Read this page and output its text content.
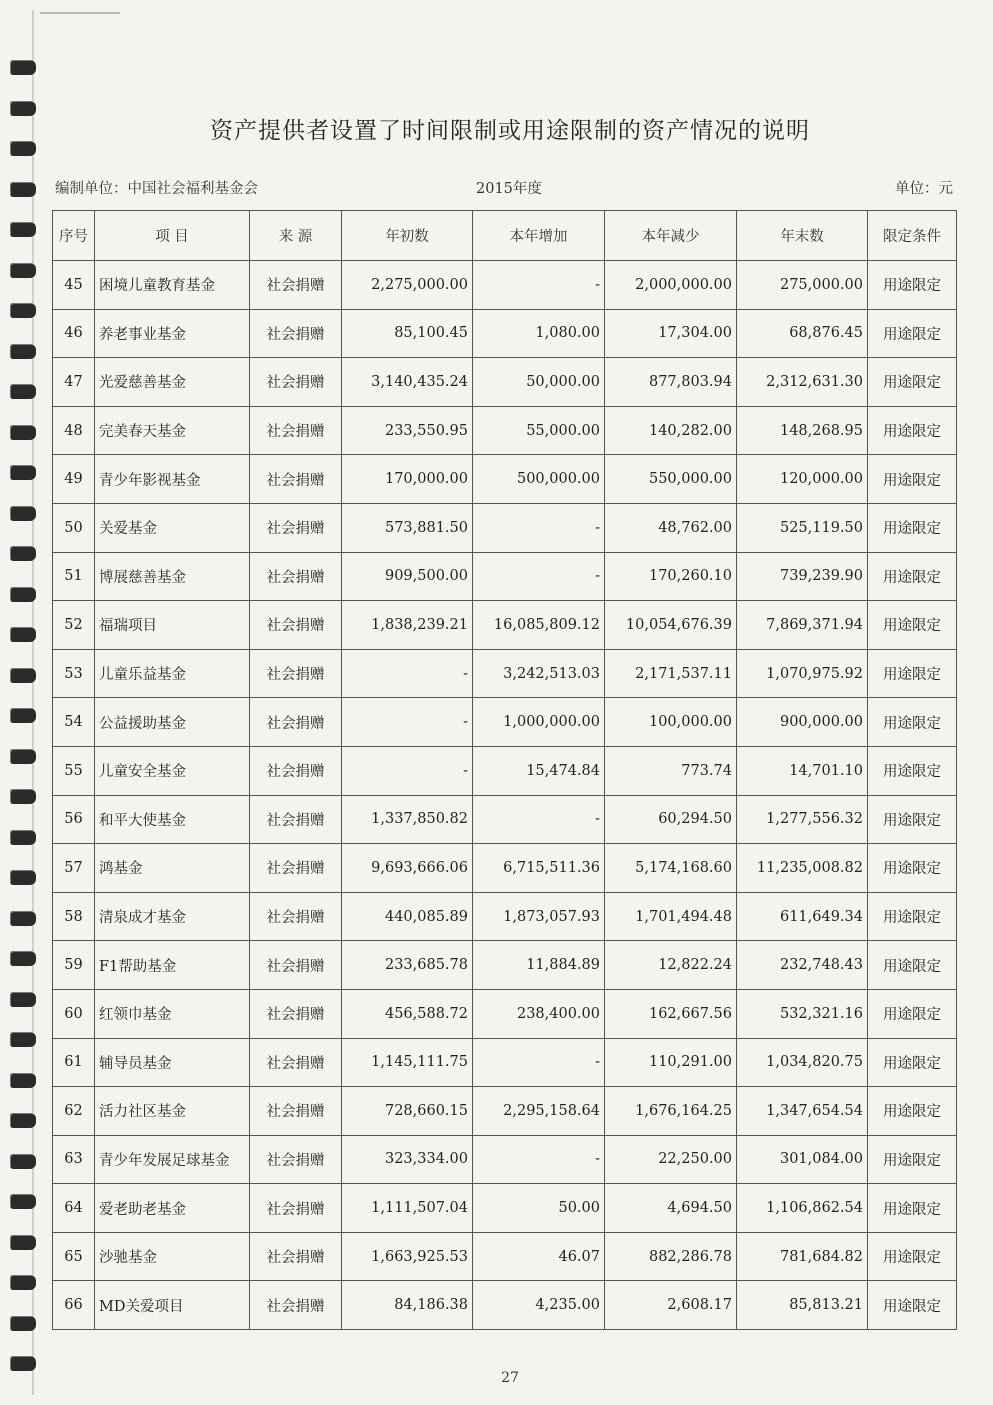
资产提供者设置了时间限制或用途限制的资产情况的说明
编制单位：中国社会福利基金会	2015年度	单位：元
序号	项 目	来 源	年初数	本年增加	本年减少	年末数	限定条件
45	困境儿童教育基金	社会捐赠	2,275,000.00	-	2,000,000.00	275,000.00	用途限定
46	养老事业基金	社会捐赠	85,100.45	1,080.00	17,304.00	68,876.45	用途限定
47	光爱慈善基金	社会捐赠	3,140,435.24	50,000.00	877,803.94	2,312,631.30	用途限定
48	完美春天基金	社会捐赠	233,550.95	55,000.00	140,282.00	148,268.95	用途限定
49	青少年影视基金	社会捐赠	170,000.00	500,000.00	550,000.00	120,000.00	用途限定
50	关爱基金	社会捐赠	573,881.50	-	48,762.00	525,119.50	用途限定
51	博展慈善基金	社会捐赠	909,500.00	-	170,260.10	739,239.90	用途限定
52	福瑞项目	社会捐赠	1,838,239.21	16,085,809.12	10,054,676.39	7,869,371.94	用途限定
53	儿童乐益基金	社会捐赠	-	3,242,513.03	2,171,537.11	1,070,975.92	用途限定
54	公益援助基金	社会捐赠	-	1,000,000.00	100,000.00	900,000.00	用途限定
55	儿童安全基金	社会捐赠	-	15,474.84	773.74	14,701.10	用途限定
56	和平大使基金	社会捐赠	1,337,850.82	-	60,294.50	1,277,556.32	用途限定
57	鸿基金	社会捐赠	9,693,666.06	6,715,511.36	5,174,168.60	11,235,008.82	用途限定
58	清泉成才基金	社会捐赠	440,085.89	1,873,057.93	1,701,494.48	611,649.34	用途限定
59	F1帮助基金	社会捐赠	233,685.78	11,884.89	12,822.24	232,748.43	用途限定
60	红领巾基金	社会捐赠	456,588.72	238,400.00	162,667.56	532,321.16	用途限定
61	辅导员基金	社会捐赠	1,145,111.75	-	110,291.00	1,034,820.75	用途限定
62	活力社区基金	社会捐赠	728,660.15	2,295,158.64	1,676,164.25	1,347,654.54	用途限定
63	青少年发展足球基金	社会捐赠	323,334.00	-	22,250.00	301,084.00	用途限定
64	爱老助老基金	社会捐赠	1,111,507.04	50.00	4,694.50	1,106,862.54	用途限定
65	沙驰基金	社会捐赠	1,663,925.53	46.07	882,286.78	781,684.82	用途限定
66	MD关爱项目	社会捐赠	84,186.38	4,235.00	2,608.17	85,813.21	用途限定
27
